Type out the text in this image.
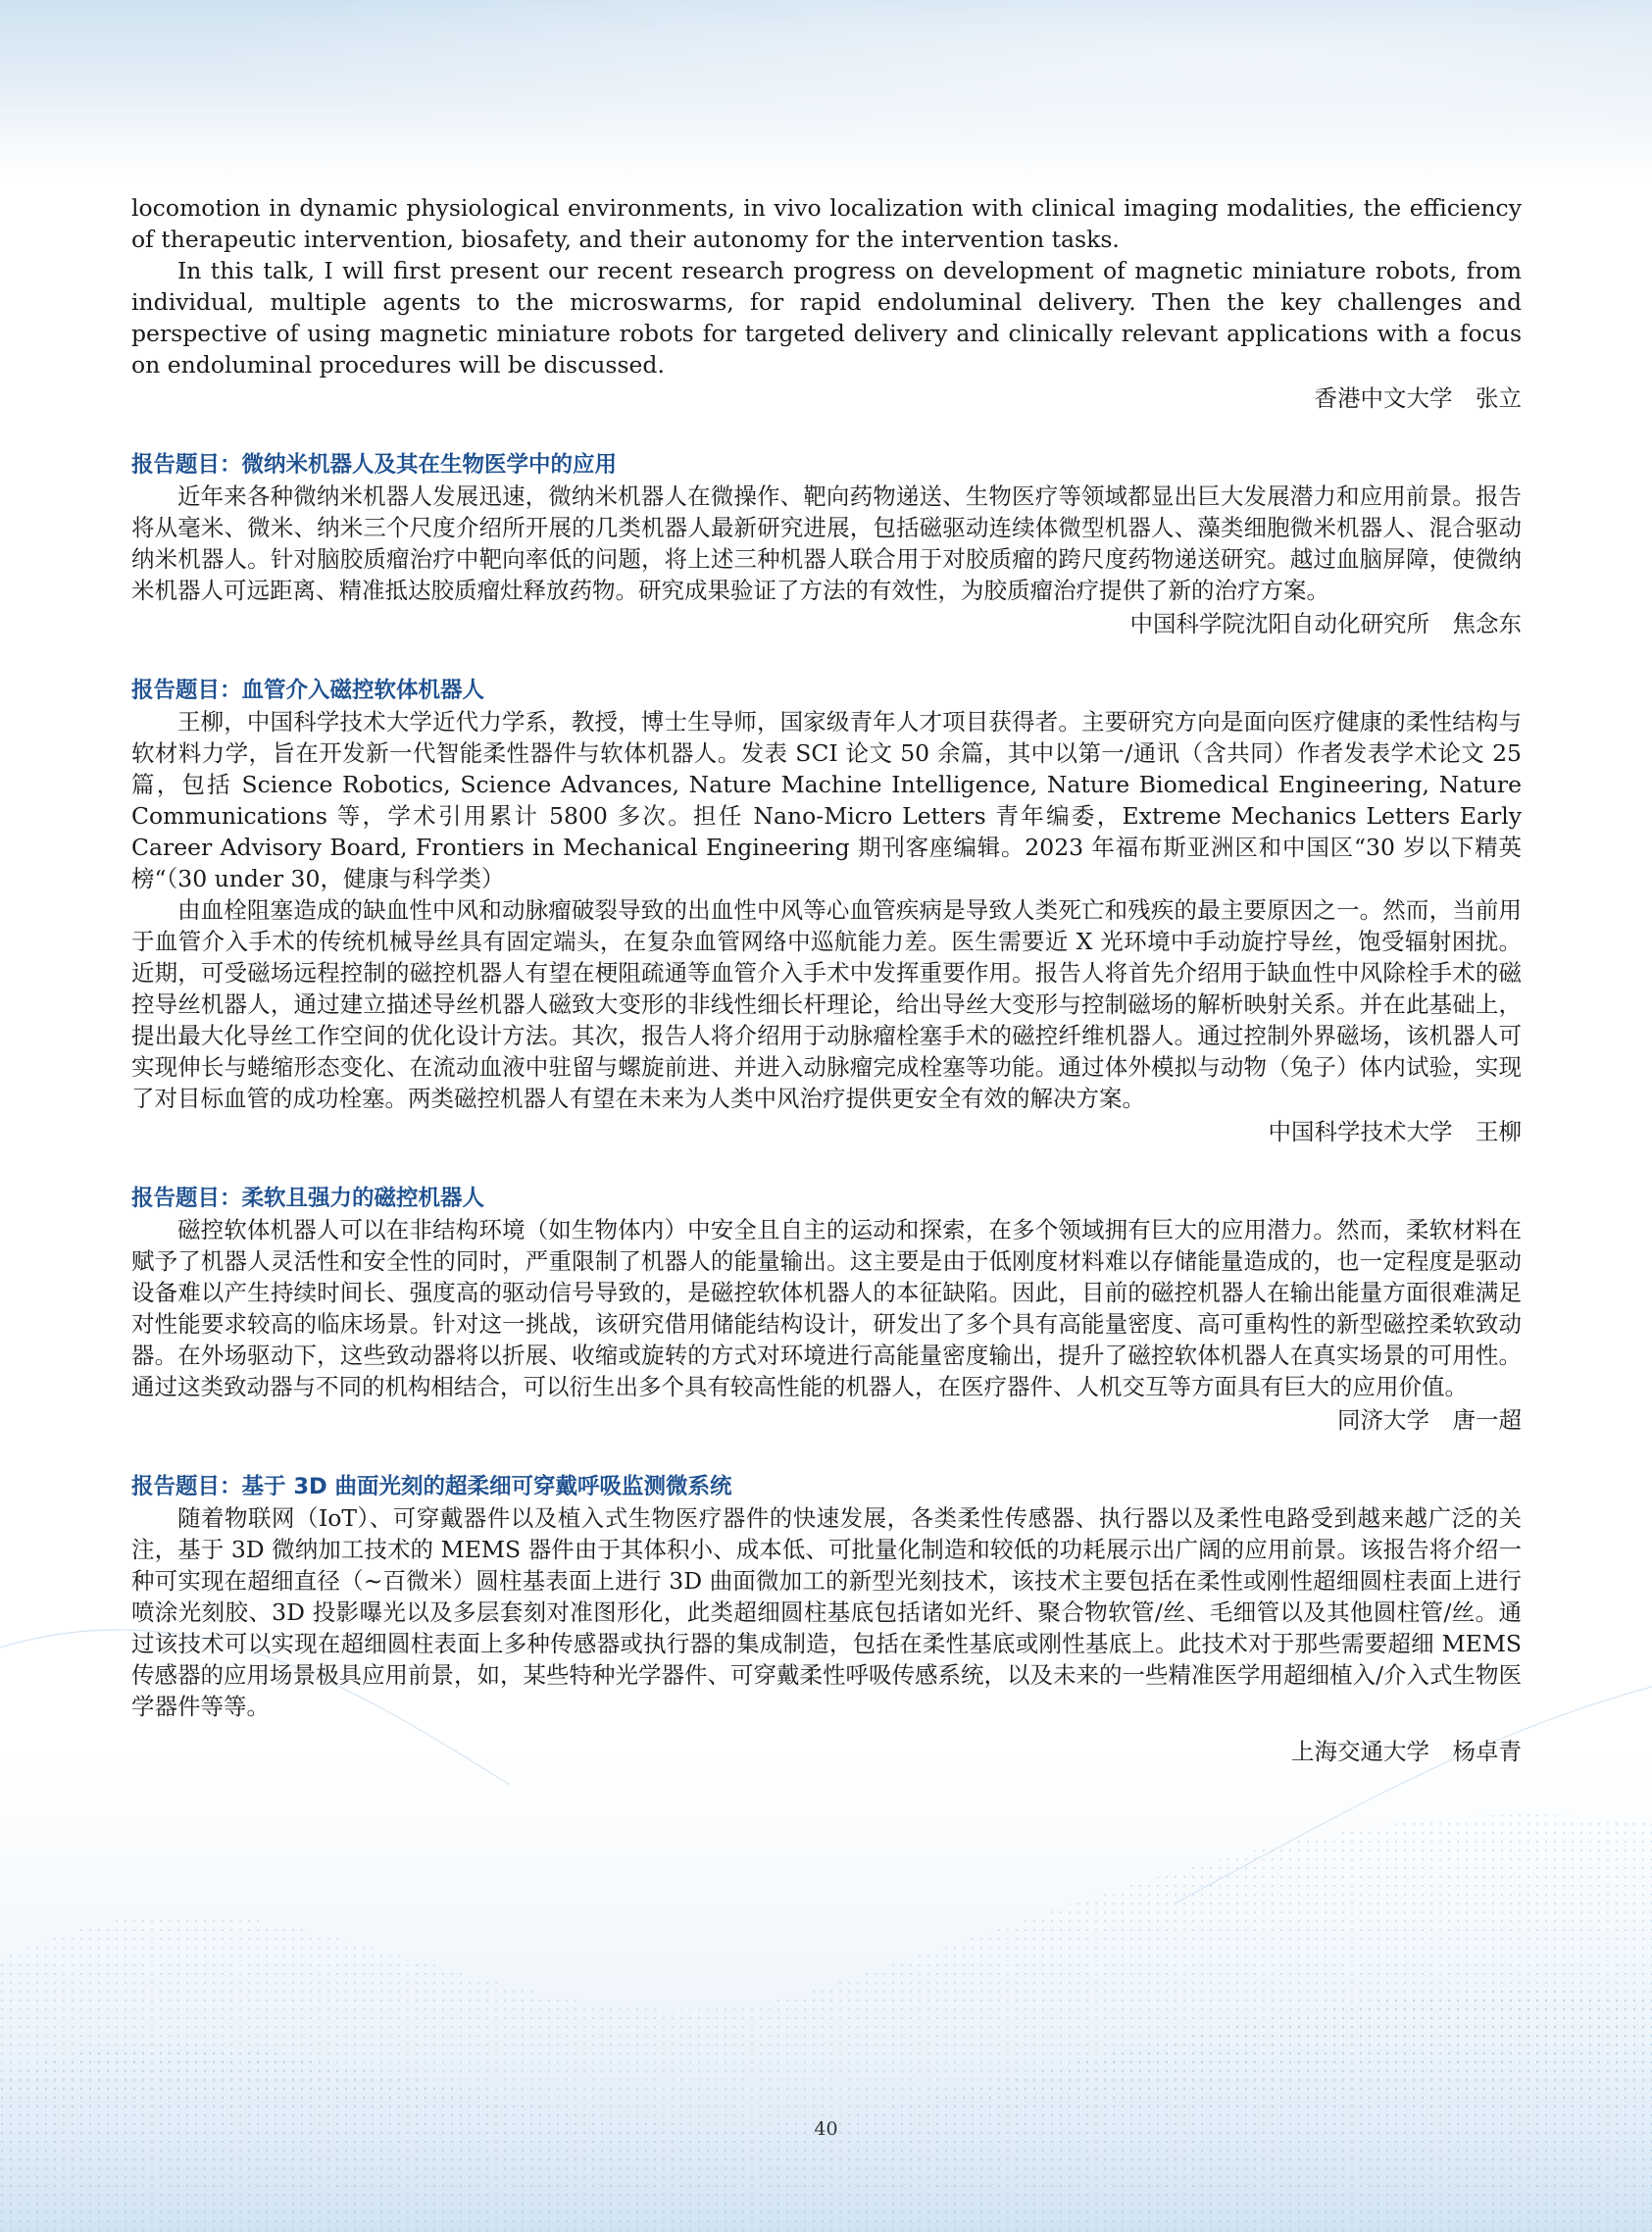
locomotion in dynamic physiological environments, in vivo localization with clinical imaging modalities, the efficiency of therapeutic intervention, biosafety, and their autonomy for the intervention tasks.

In this talk, I will first present our recent research progress on development of magnetic miniature robots, from individual, multiple agents to the microswarms, for rapid endoluminal delivery. Then the key challenges and perspective of using magnetic miniature robots for targeted delivery and clinically relevant applications with a focus on endoluminal procedures will be discussed.

香港中文大学　张立

报告题目：微纳米机器人及其在生物医学中的应用

近年来各种微纳米机器人发展迅速，微纳米机器人在微操作、靶向药物递送、生物医疗等领域都显出巨大发展潜力和应用前景。报告将从毫米、微米、纳米三个尺度介绍所开展的几类机器人最新研究进展，包括磁驱动连续体微型机器人、藻类细胞微米机器人、混合驱动纳米机器人。针对脑胶质瘤治疗中靶向率低的问题，将上述三种机器人联合用于对胶质瘤的跨尺度药物递送研究。越过血脑屏障，使微纳米机器人可远距离、精准抵达胶质瘤灶释放药物。研究成果验证了方法的有效性，为胶质瘤治疗提供了新的治疗方案。

中国科学院沈阳自动化研究所　焦念东

报告题目：血管介入磁控软体机器人

王柳，中国科学技术大学近代力学系，教授，博士生导师，国家级青年人才项目获得者。主要研究方向是面向医疗健康的柔性结构与软材料力学，旨在开发新一代智能柔性器件与软体机器人。发表 SCI 论文 50 余篇，其中以第一/通讯（含共同）作者发表学术论文 25 篇，包括 Science Robotics, Science Advances, Nature Machine Intelligence, Nature Biomedical Engineering, Nature Communications 等，学术引用累计 5800 多次。担任 Nano-Micro Letters 青年编委，Extreme Mechanics Letters Early Career Advisory Board, Frontiers in Mechanical Engineering 期刊客座编辑。2023 年福布斯亚洲区和中国区“30 岁以下精英榜“（30 under 30，健康与科学类）

由血栓阻塞造成的缺血性中风和动脉瘤破裂导致的出血性中风等心血管疾病是导致人类死亡和残疾的最主要原因之一。然而，当前用于血管介入手术的传统机械导丝具有固定端头，在复杂血管网络中巡航能力差。医生需要近 X 光环境中手动旋拧导丝，饱受辐射困扰。近期，可受磁场远程控制的磁控机器人有望在梗阻疏通等血管介入手术中发挥重要作用。报告人将首先介绍用于缺血性中风除栓手术的磁控导丝机器人，通过建立描述导丝机器人磁致大变形的非线性细长杆理论，给出导丝大变形与控制磁场的解析映射关系。并在此基础上，提出最大化导丝工作空间的优化设计方法。其次，报告人将介绍用于动脉瘤栓塞手术的磁控纤维机器人。通过控制外界磁场，该机器人可实现伸长与蜷缩形态变化、在流动血液中驻留与螺旋前进、并进入动脉瘤完成栓塞等功能。通过体外模拟与动物（兔子）体内试验，实现了对目标血管的成功栓塞。两类磁控机器人有望在未来为人类中风治疗提供更安全有效的解决方案。

中国科学技术大学　王柳

报告题目：柔软且强力的磁控机器人

磁控软体机器人可以在非结构环境（如生物体内）中安全且自主的运动和探索，在多个领域拥有巨大的应用潜力。然而，柔软材料在赋予了机器人灵活性和安全性的同时，严重限制了机器人的能量输出。这主要是由于低刚度材料难以存储能量造成的，也一定程度是驱动设备难以产生持续时间长、强度高的驱动信号导致的，是磁控软体机器人的本征缺陷。因此，目前的磁控机器人在输出能量方面很难满足对性能要求较高的临床场景。针对这一挑战，该研究借用储能结构设计，研发出了多个具有高能量密度、高可重构性的新型磁控柔软致动器。在外场驱动下，这些致动器将以折展、收缩或旋转的方式对环境进行高能量密度输出，提升了磁控软体机器人在真实场景的可用性。通过这类致动器与不同的机构相结合，可以衍生出多个具有较高性能的机器人，在医疗器件、人机交互等方面具有巨大的应用价值。

同济大学　唐一超

报告题目：基于 3D 曲面光刻的超柔细可穿戴呼吸监测微系统

随着物联网（IoT）、可穿戴器件以及植入式生物医疗器件的快速发展，各类柔性传感器、执行器以及柔性电路受到越来越广泛的关注，基于 3D 微纳加工技术的 MEMS 器件由于其体积小、成本低、可批量化制造和较低的功耗展示出广阔的应用前景。该报告将介绍一种可实现在超细直径（~百微米）圆柱基表面上进行 3D 曲面微加工的新型光刻技术，该技术主要包括在柔性或刚性超细圆柱表面上进行喷涂光刻胶、3D 投影曝光以及多层套刻对准图形化，此类超细圆柱基底包括诸如光纤、聚合物软管/丝、毛细管以及其他圆柱管/丝。通过该技术可以实现在超细圆柱表面上多种传感器或执行器的集成制造，包括在柔性基底或刚性基底上。此技术对于那些需要超细 MEMS 传感器的应用场景极具应用前景，如，某些特种光学器件、可穿戴柔性呼吸传感系统，以及未来的一些精准医学用超细植入/介入式生物医学器件等等。

上海交通大学　杨卓青

40
